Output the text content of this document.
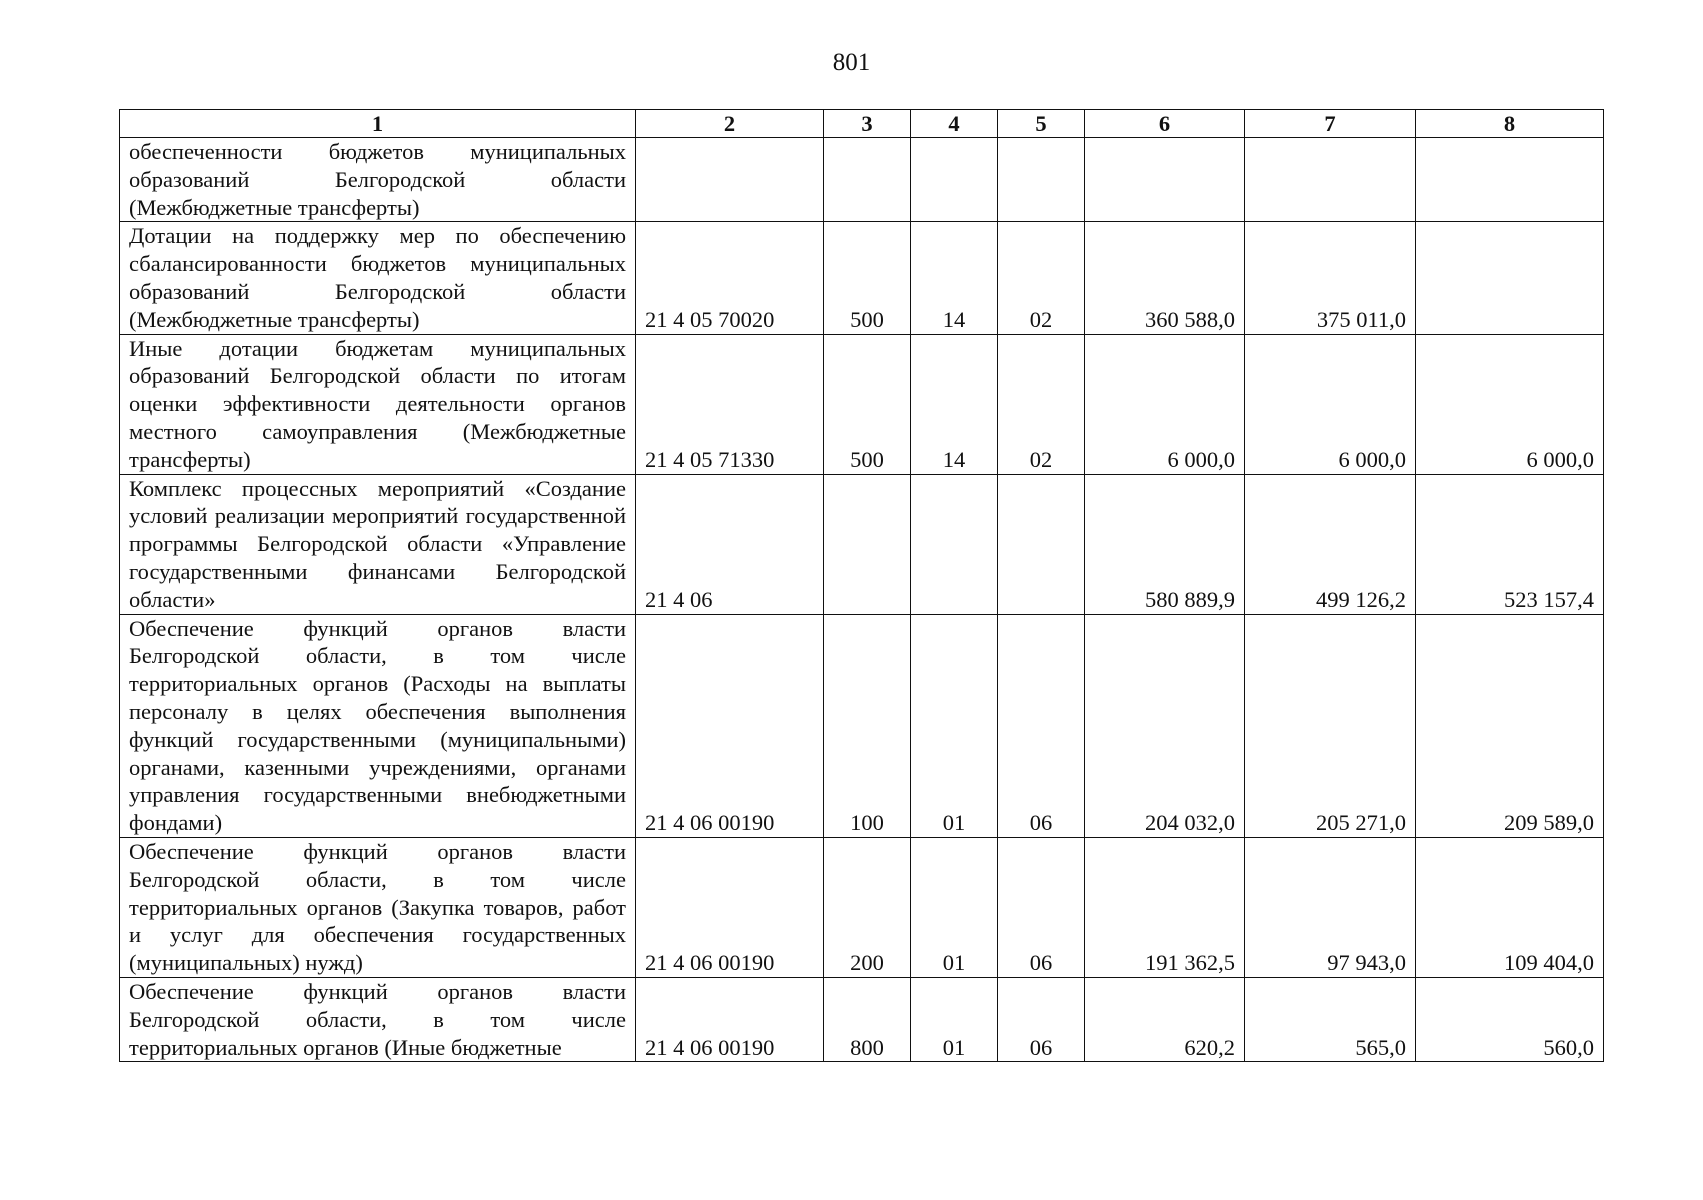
801
1	2	3	4	5	6	7	8
обеспеченности бюджетов муниципальных образований Белгородской области (Межбюджетные трансферты)							
Дотации на поддержку мер по обеспечению сбалансированности бюджетов муниципальных образований Белгородской области (Межбюджетные трансферты)	21 4 05 70020	500	14	02	360 588,0	375 011,0	
Иные дотации бюджетам муниципальных образований Белгородской области по итогам оценки эффективности деятельности органов местного самоуправления (Межбюджетные трансферты)	21 4 05 71330	500	14	02	6 000,0	6 000,0	6 000,0
Комплекс процессных мероприятий «Создание условий реализации мероприятий государственной программы Белгородской области «Управление государственными финансами Белгородской области»	21 4 06				580 889,9	499 126,2	523 157,4
Обеспечение функций органов власти Белгородской области, в том числе территориальных органов (Расходы на выплаты персоналу в целях обеспечения выполнения функций государственными (муниципальными) органами, казенными учреждениями, органами управления государственными внебюджетными фондами)	21 4 06 00190	100	01	06	204 032,0	205 271,0	209 589,0
Обеспечение функций органов власти Белгородской области, в том числе территориальных органов (Закупка товаров, работ и услуг для обеспечения государственных (муниципальных) нужд)	21 4 06 00190	200	01	06	191 362,5	97 943,0	109 404,0
Обеспечение функций органов власти Белгородской области, в том числе территориальных органов (Иные бюджетные	21 4 06 00190	800	01	06	620,2	565,0	560,0
